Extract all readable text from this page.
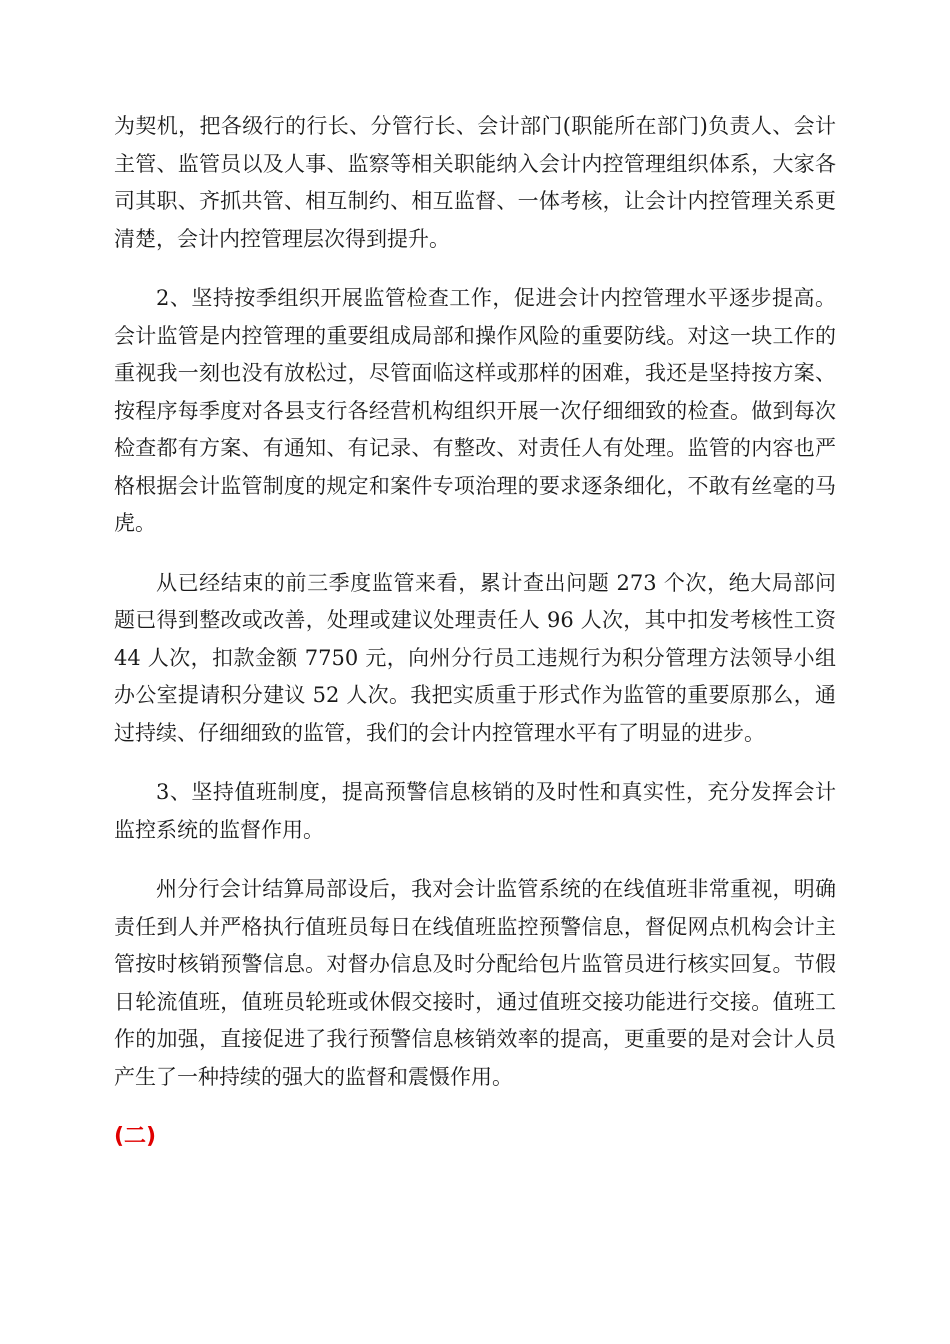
为契机，把各级行的行长、分管行长、会计部门(职能所在部门)负责人、会计主管、监管员以及人事、监察等相关职能纳入会计内控管理组织体系，大家各司其职、齐抓共管、相互制约、相互监督、一体考核，让会计内控管理关系更清楚，会计内控管理层次得到提升。

2、坚持按季组织开展监管检查工作，促进会计内控管理水平逐步提高。会计监管是内控管理的重要组成局部和操作风险的重要防线。对这一块工作的重视我一刻也没有放松过，尽管面临这样或那样的困难，我还是坚持按方案、按程序每季度对各县支行各经营机构组织开展一次仔细细致的检查。做到每次检查都有方案、有通知、有记录、有整改、对责任人有处理。监管的内容也严格根据会计监管制度的规定和案件专项治理的要求逐条细化，不敢有丝毫的马虎。

从已经结束的前三季度监管来看，累计查出问题 273 个次，绝大局部问题已得到整改或改善，处理或建议处理责任人 96 人次，其中扣发考核性工资 44 人次，扣款金额 7750 元，向州分行员工违规行为积分管理方法领导小组办公室提请积分建议 52 人次。我把实质重于形式作为监管的重要原那么，通过持续、仔细细致的监管，我们的会计内控管理水平有了明显的进步。

3、坚持值班制度，提高预警信息核销的及时性和真实性，充分发挥会计监控系统的监督作用。

州分行会计结算局部设后，我对会计监管系统的在线值班非常重视，明确责任到人并严格执行值班员每日在线值班监控预警信息，督促网点机构会计主管按时核销预警信息。对督办信息及时分配给包片监管员进行核实回复。节假日轮流值班，值班员轮班或休假交接时，通过值班交接功能进行交接。值班工作的加强，直接促进了我行预警信息核销效率的提高，更重要的是对会计人员产生了一种持续的强大的监督和震慑作用。

(二)
